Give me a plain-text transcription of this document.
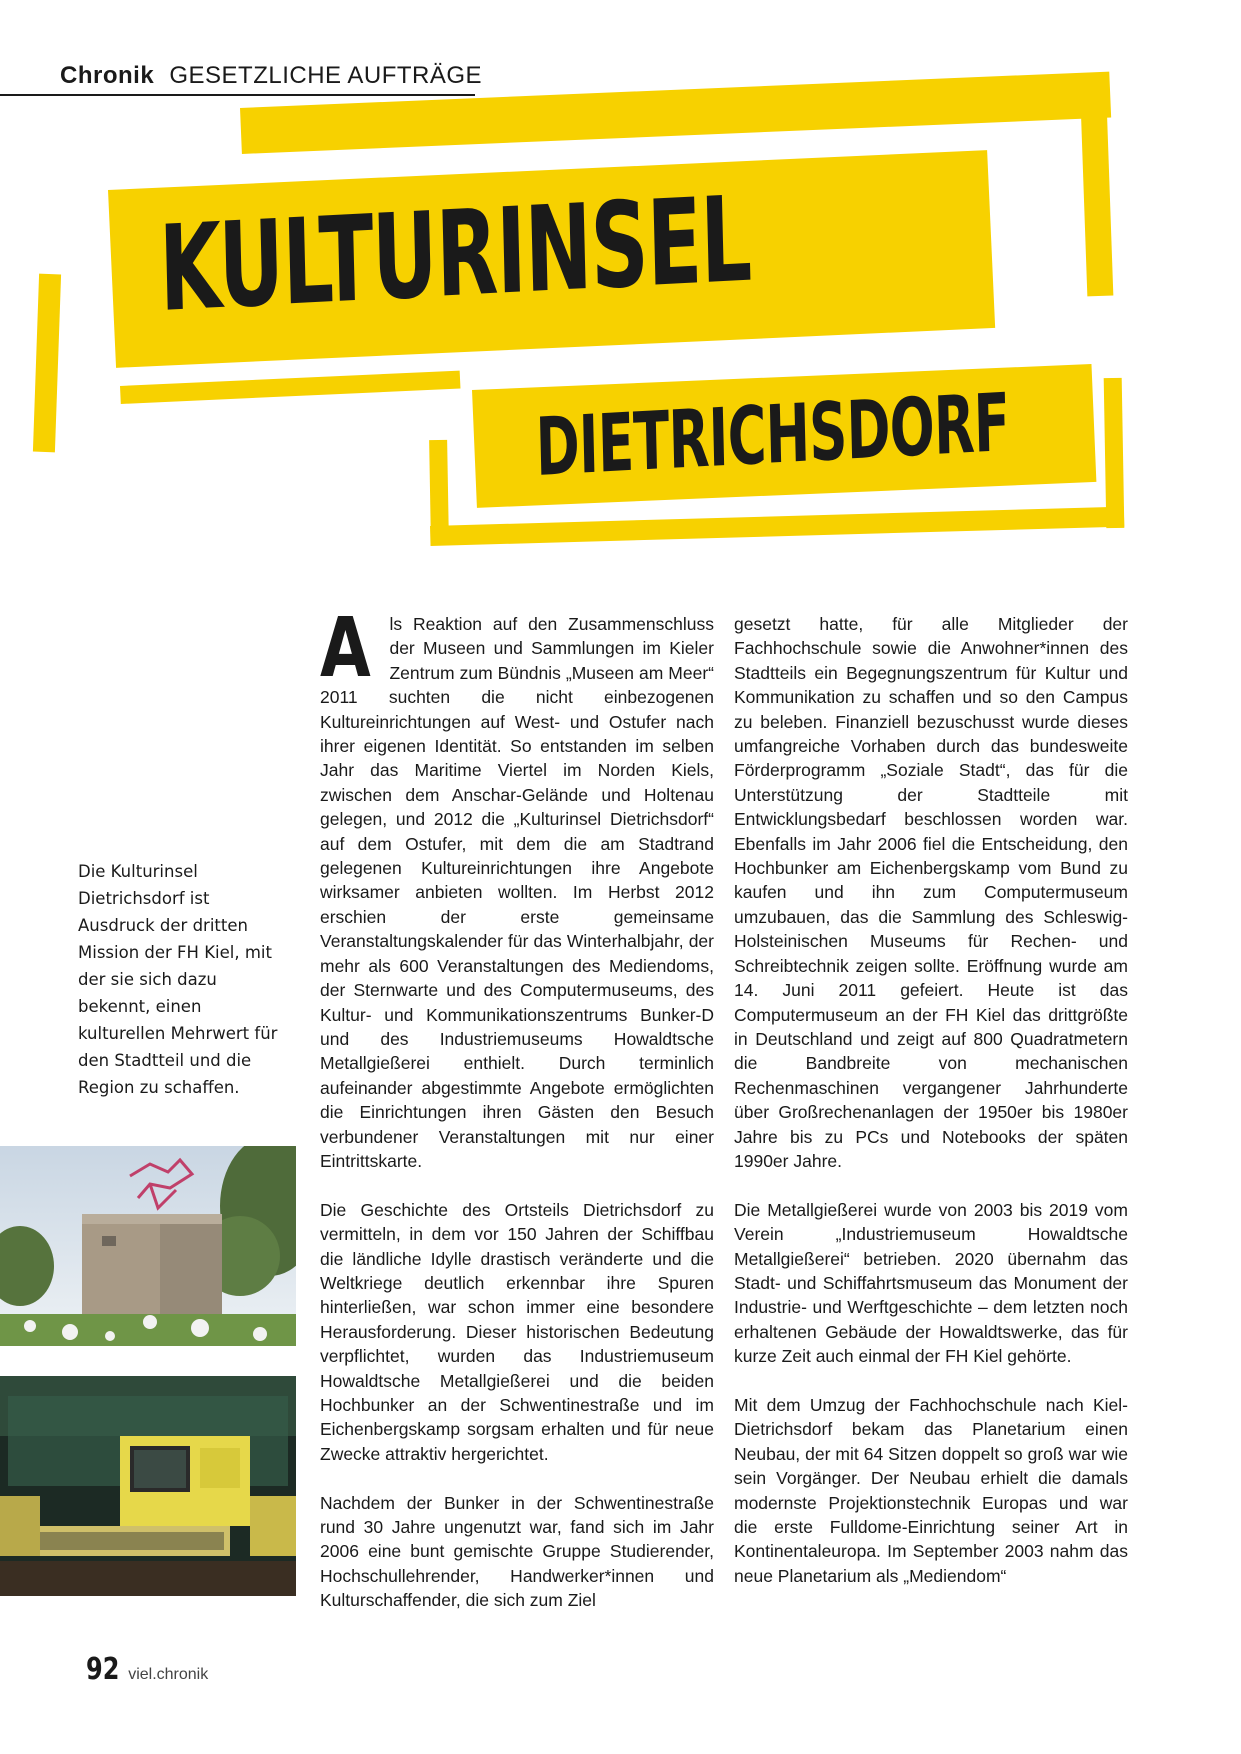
Chronik GESETZLICHE AUFTRÄGE
KULTURINSEL
DIETRICHSDORF
Die Kulturinsel Dietrichsdorf ist Ausdruck der dritten Mission der FH Kiel, mit der sie sich dazu bekennt, einen kulturellen Mehrwert für den Stadtteil und die Region zu schaffen.

A ls Reaktion auf den Zusammenschluss der Museen und Sammlungen im Kieler Zentrum zum Bündnis „Museen am Meer“ 2011 suchten die nicht einbezogenen Kultureinrichtungen auf West- und Ostufer nach ihrer eigenen Identität. So entstanden im selben Jahr das Maritime Viertel im Norden Kiels, zwischen dem Anschar-Gelände und Holtenau gelegen, und 2012 die „Kulturinsel Dietrichsdorf“ auf dem Ostufer, mit dem die am Stadtrand gelegenen Kultureinrichtungen ihre Angebote wirksamer anbieten wollten. Im Herbst 2012 erschien der erste gemeinsame Veranstaltungskalender für das Winterhalbjahr, der mehr als 600 Veranstaltungen des Mediendoms, der Sternwarte und des Computermuseums, des Kultur- und Kommunikationszentrums Bunker-D und des Industriemuseums Howaldtsche Metallgießerei enthielt. Durch terminlich aufeinander abgestimmte Angebote ermöglichten die Einrichtungen ihren Gästen den Besuch verbundener Veranstaltungen mit nur einer Eintrittskarte.

Die Geschichte des Ortsteils Dietrichsdorf zu vermitteln, in dem vor 150 Jahren der Schiffbau die ländliche Idylle drastisch veränderte und die Weltkriege deutlich erkennbar ihre Spuren hinterließen, war schon immer eine besondere Herausforderung. Dieser historischen Bedeutung verpflichtet, wurden das Industriemuseum Howaldtsche Metallgießerei und die beiden Hochbunker an der Schwentinestraße und im Eichenbergskamp sorgsam erhalten und für neue Zwecke attraktiv hergerichtet.

Nachdem der Bunker in der Schwentinestraße rund 30 Jahre ungenutzt war, fand sich im Jahr 2006 eine bunt gemischte Gruppe Studierender, Hochschullehrender, Handwerker*innen und Kulturschaffender, die sich zum Ziel

gesetzt hatte, für alle Mitglieder der Fachhochschule sowie die Anwohner*innen des Stadtteils ein Begegnungszentrum für Kultur und Kommunikation zu schaffen und so den Campus zu beleben. Finanziell bezuschusst wurde dieses umfangreiche Vorhaben durch das bundesweite Förderprogramm „Soziale Stadt“, das für die Unterstützung der Stadtteile mit Entwicklungsbedarf beschlossen worden war. Ebenfalls im Jahr 2006 fiel die Entscheidung, den Hochbunker am Eichenbergskamp vom Bund zu kaufen und ihn zum Computermuseum umzubauen, das die Sammlung des Schleswig-Holsteinischen Museums für Rechen- und Schreibtechnik zeigen sollte. Eröffnung wurde am 14. Juni 2011 gefeiert. Heute ist das Computermuseum an der FH Kiel das drittgrößte in Deutschland und zeigt auf 800 Quadratmetern die Bandbreite von mechanischen Rechenmaschinen vergangener Jahrhunderte über Großrechenanlagen der 1950er bis 1980er Jahre bis zu PCs und Notebooks der späten 1990er Jahre.

Die Metallgießerei wurde von 2003 bis 2019 vom Verein „Industriemuseum Howaldtsche Metallgießerei“ betrieben. 2020 übernahm das Stadt- und Schiffahrtsmuseum das Monument der Industrie- und Werftgeschichte – dem letzten noch erhaltenen Gebäude der Howaldtswerke, das für kurze Zeit auch einmal der FH Kiel gehörte.

Mit dem Umzug der Fachhochschule nach Kiel-Dietrichsdorf bekam das Planetarium einen Neubau, der mit 64 Sitzen doppelt so groß war wie sein Vorgänger. Der Neubau erhielt die damals modernste Projektionstechnik Europas und war die erste Fulldome-Einrichtung seiner Art in Kontinentaleuropa. Im September 2003 nahm das neue Planetarium als „Mediendom“

92 viel.chronik
